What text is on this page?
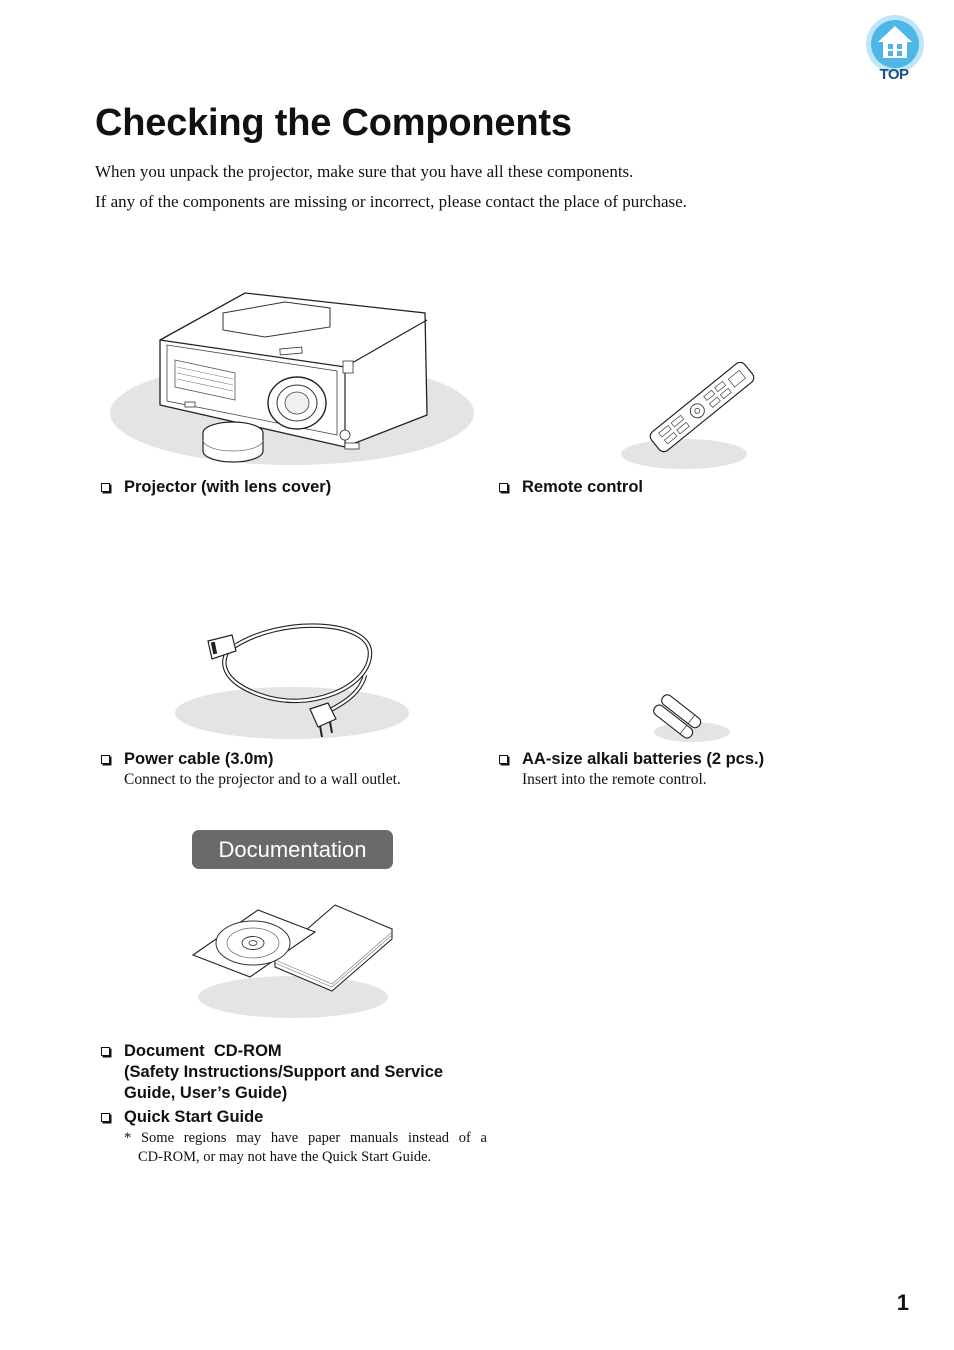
TOP
Checking the Components
When you unpack the projector, make sure that you have all these components.
If any of the components are missing or incorrect, please contact the place of purchase.
Projector (with lens cover)	Remote control
Power cable (3.0m)
Connect to the projector and to a wall outlet.
AA-size alkali batteries (2 pcs.)
Insert into the remote control.
Documentation
Document  CD-ROM
(Safety Instructions/Support and Service
Guide, User’s Guide)
Quick Start Guide
* Some regions may have paper manuals instead of a
CD-ROM, or may not have the Quick Start Guide.
1
